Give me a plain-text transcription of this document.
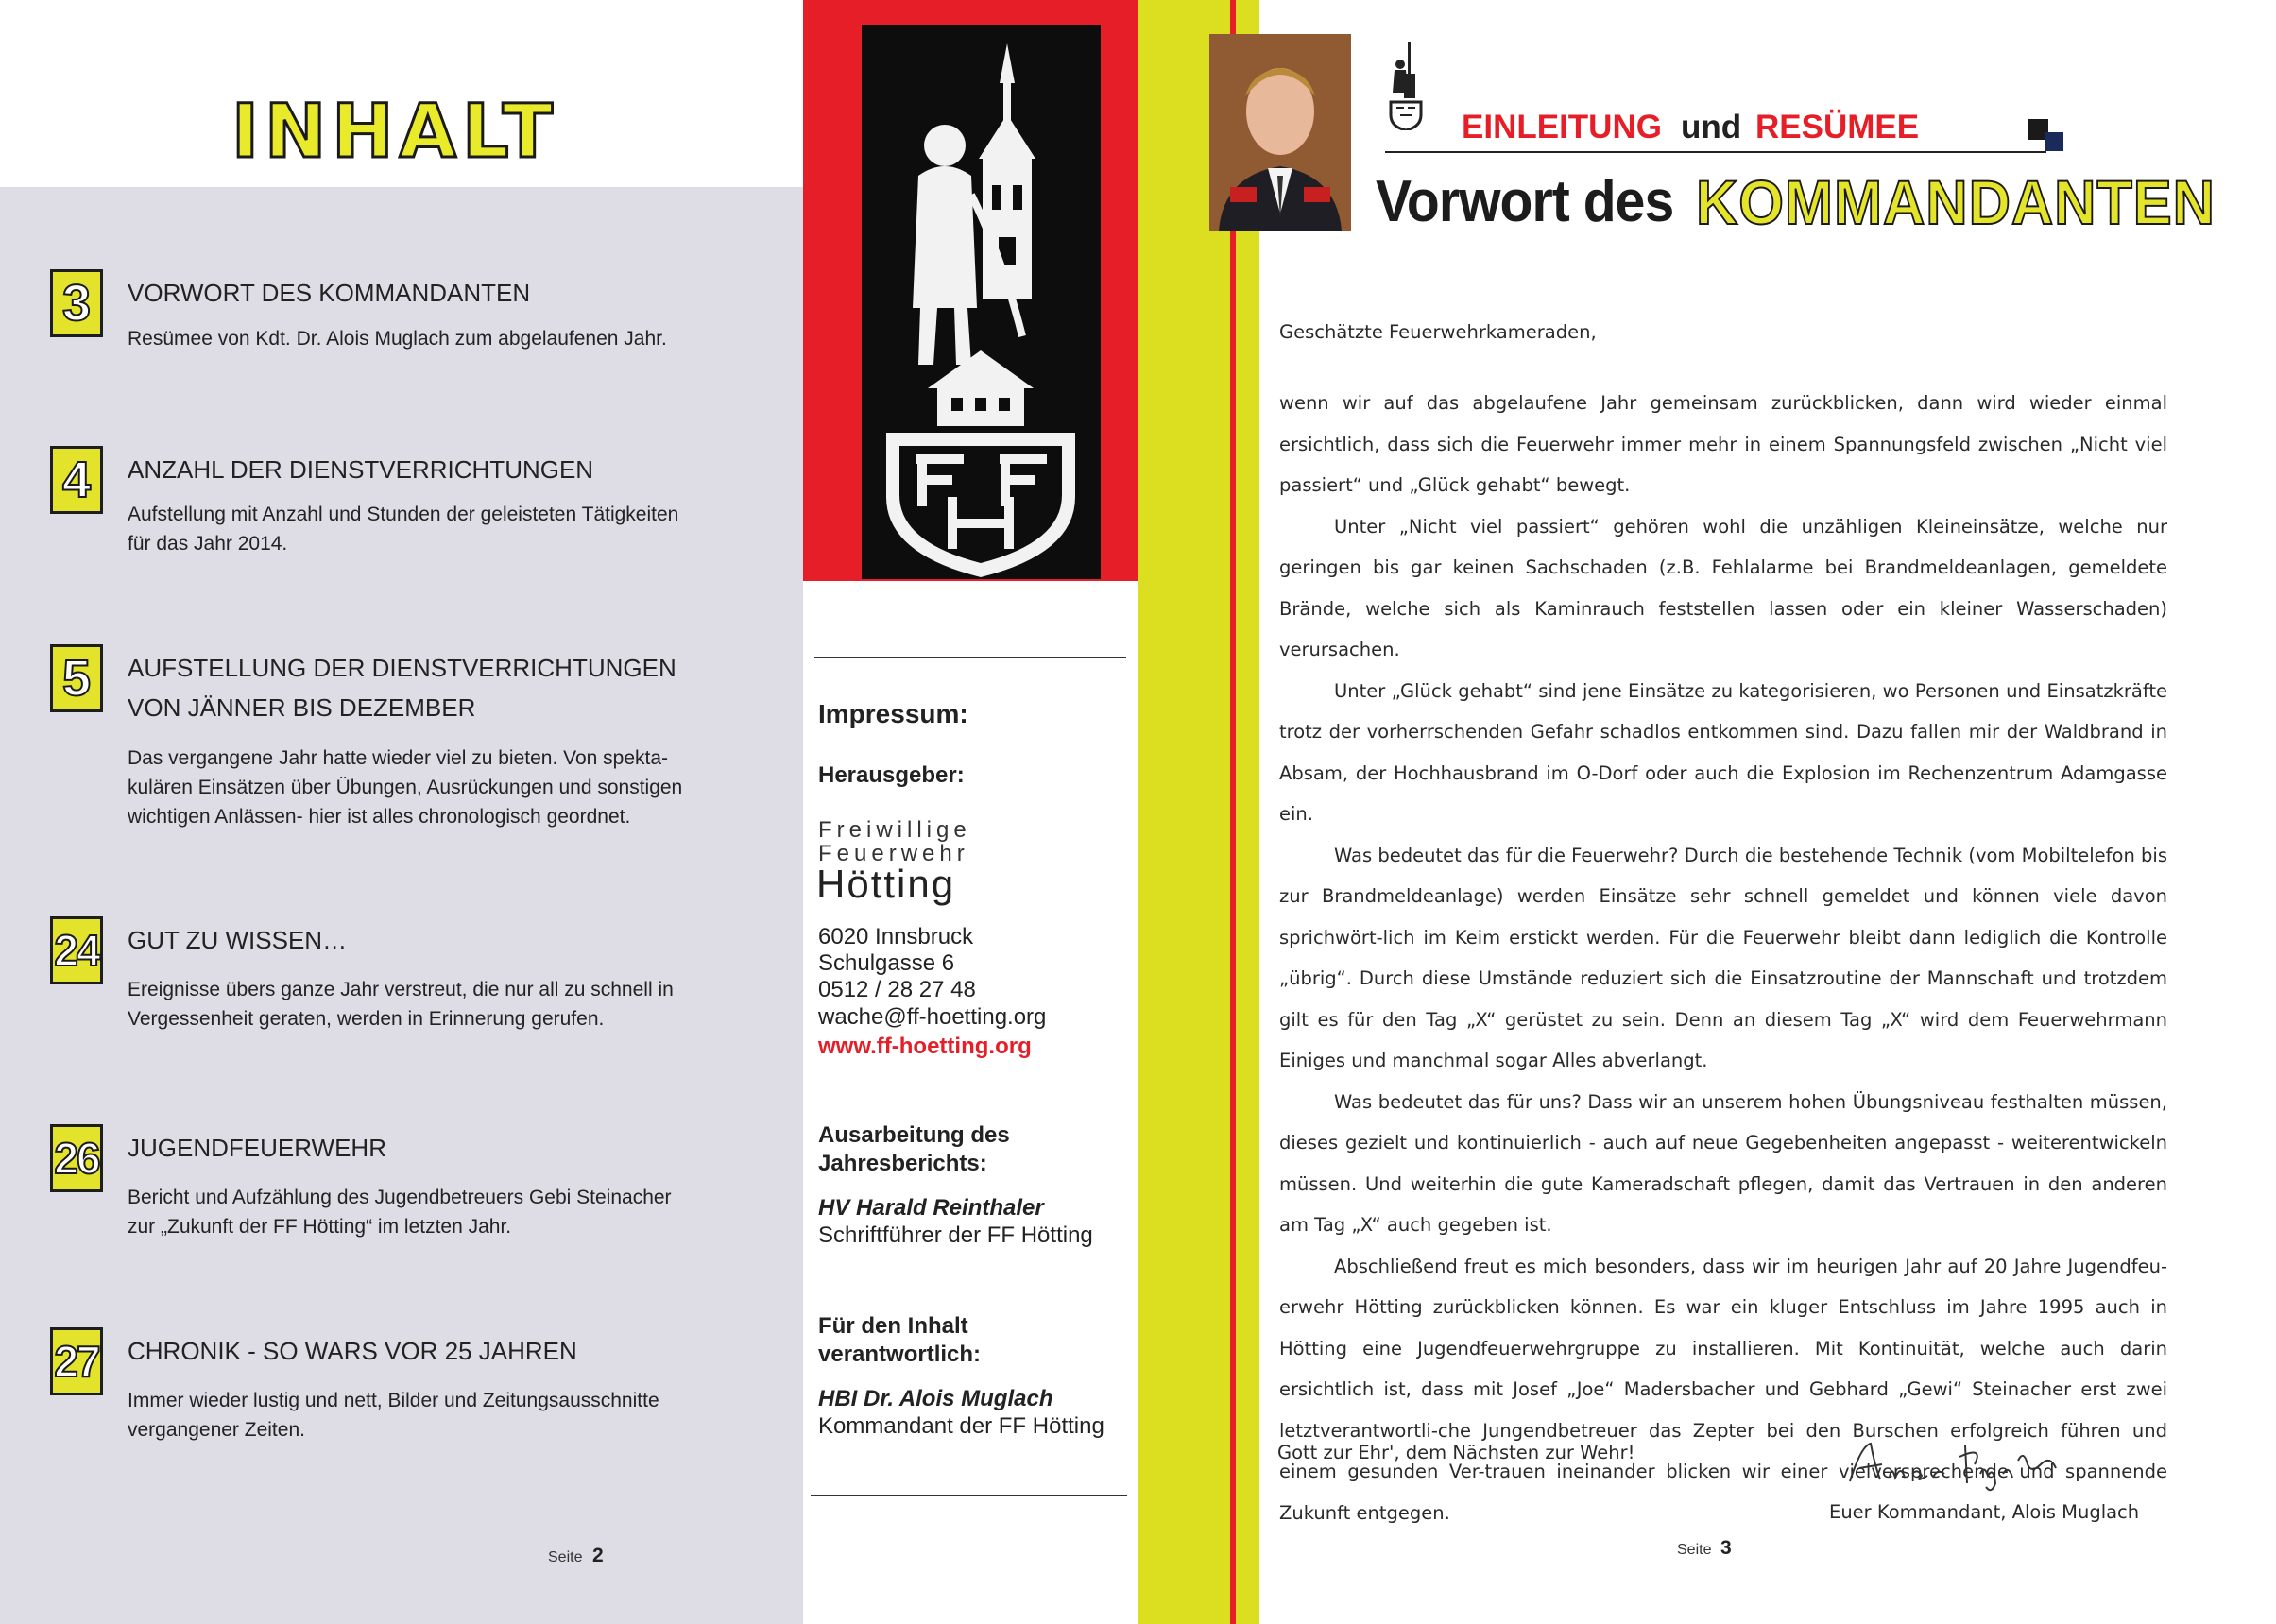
INHALT
3	VORWORT DES KOMMANDANTEN
Resümee von Kdt. Dr. Alois Muglach zum abgelaufenen Jahr.
4	ANZAHL DER DIENSTVERRICHTUNGEN
Aufstellung mit Anzahl und Stunden der geleisteten Tätigkeiten
für das Jahr 2014.
5	AUFSTELLUNG DER DIENSTVERRICHTUNGEN
VON JÄNNER BIS DEZEMBER
Das vergangene Jahr hatte wieder viel zu bieten. Von spekta-
kulären Einsätzen über Übungen, Ausrückungen und sonstigen
wichtigen Anlässen- hier ist alles chronologisch geordnet.
24 GUT ZU WISSEN…
Ereignisse übers ganze Jahr verstreut, die nur all zu schnell in
Vergessenheit geraten, werden in Erinnerung gerufen.
26 JUGENDFEUERWEHR
Bericht und Aufzählung des Jugendbetreuers Gebi Steinacher
zur „Zukunft der FF Hötting“ im letzten Jahr.
27 CHRONIK - SO WARS VOR 25 JAHREN
Immer wieder lustig und nett, Bilder und Zeitungsausschnitte
vergangener Zeiten.
Seite 2
Impressum:
Herausgeber:
Freiwillige
Feuerwehr
Hötting
6020 Innsbruck
Schulgasse 6
0512 / 28 27 48
wache@ff-hoetting.org
www.ff-hoetting.org
Ausarbeitung des
Jahresberichts:
HV Harald Reinthaler
Schriftführer der FF Hötting
Für den Inhalt
verantwortlich:
HBI Dr. Alois Muglach
Kommandant der FF Hötting
EINLEITUNG und RESÜMEE
Vorwort des KOMMANDANTEN
Geschätzte Feuerwehrkameraden,

wenn wir auf das abgelaufene Jahr gemeinsam zurückblicken, dann wird wieder einmal ersichtlich, dass sich die Feuerwehr immer mehr in einem Spannungsfeld zwischen „Nicht viel passiert“ und „Glück gehabt“ bewegt.

Unter „Nicht viel passiert“ gehören wohl die unzähligen Kleineinsätze, welche nur geringen bis gar keinen Sachschaden (z.B. Fehlalarme bei Brandmeldeanlagen, gemeldete Brände, welche sich als Kaminrauch feststellen lassen oder ein kleiner Wasserschaden) verursachen.

Unter „Glück gehabt“ sind jene Einsätze zu kategorisieren, wo Personen und Einsatzkräfte trotz der vorherrschenden Gefahr schadlos entkommen sind. Dazu fallen mir der Waldbrand in Absam, der Hochhausbrand im O-Dorf oder auch die Explosion im Rechenzentrum Adamgasse ein.

Was bedeutet das für die Feuerwehr? Durch die bestehende Technik (vom Mobiltelefon bis zur Brandmeldeanlage) werden Einsätze sehr schnell gemeldet und können viele davon sprichwört-lich im Keim erstickt werden. Für die Feuerwehr bleibt dann lediglich die Kontrolle „übrig“. Durch diese Umstände reduziert sich die Einsatzroutine der Mannschaft und trotzdem gilt es für den Tag „X“ gerüstet zu sein. Denn an diesem Tag „X“ wird dem Feuerwehrmann Einiges und manchmal sogar Alles abverlangt.

Was bedeutet das für uns? Dass wir an unserem hohen Übungsniveau festhalten müssen, dieses gezielt und kontinuierlich - auch auf neue Gegebenheiten angepasst - weiterentwickeln müssen. Und weiterhin die gute Kameradschaft pflegen, damit das Vertrauen in den anderen am Tag „X“ auch gegeben ist.

Abschließend freut es mich besonders, dass wir im heurigen Jahr auf 20 Jahre Jugendfeu-erwehr Hötting zurückblicken können. Es war ein kluger Entschluss im Jahre 1995 auch in Hötting eine Jugendfeuerwehrgruppe zu installieren. Mit Kontinuität, welche auch darin ersichtlich ist, dass mit Josef „Joe“ Madersbacher und Gebhard „Gewi“ Steinacher erst zwei letztverantwortli-che Jungendbetreuer das Zepter bei den Burschen erfolgreich führen und einem gesunden Ver-trauen ineinander blicken wir einer vielversprechende und spannende Zukunft entgegen.

Gott zur Ehr', dem Nächsten zur Wehr!
Euer Kommandant, Alois Muglach
Seite 3
